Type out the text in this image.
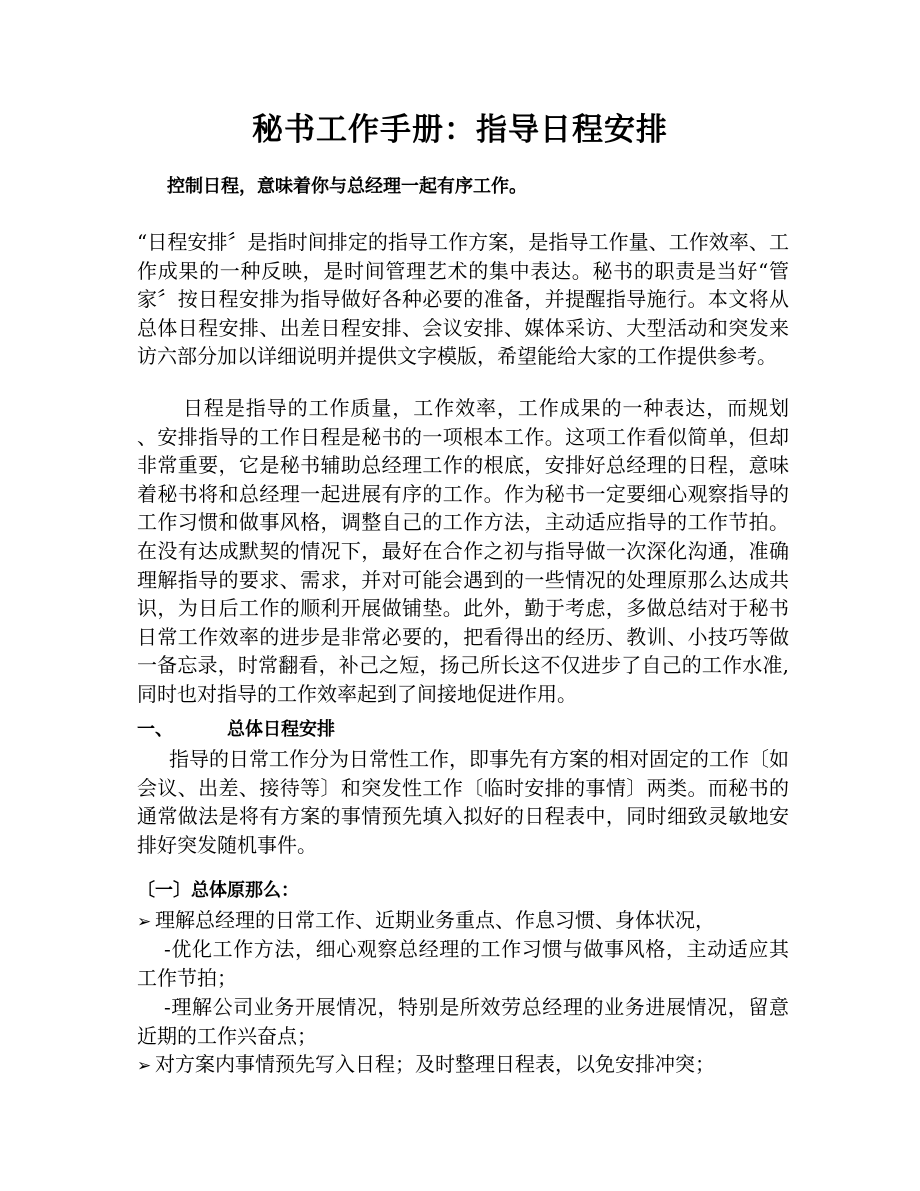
秘书工作手册：指导日程安排
控制日程，意味着你与总经理一起有序工作。

“日程安排〞是指时间排定的指导工作方案，是指导工作量、工作效率、工作成果的一种反映，是时间管理艺术的集中表达。秘书的职责是当好“管家〞按日程安排为指导做好各种必要的准备，并提醒指导施行。本文将从总体日程安排、出差日程安排、会议安排、媒体采访、大型活动和突发来访六部分加以详细说明并提供文字模版，希望能给大家的工作提供参考。

日程是指导的工作质量，工作效率，工作成果的一种表达，而规划 、安排指导的工作日程是秘书的一项根本工作。这项工作看似简单，但却非常重要，它是秘书辅助总经理工作的根底，安排好总经理的日程，意味着秘书将和总经理一起进展有序的工作。作为秘书一定要细心观察指导的工作习惯和做事风格，调整自己的工作方法，主动适应指导的工作节拍。在没有达成默契的情况下，最好在合作之初与指导做一次深化沟通，准确理解指导的要求、需求，并对可能会遇到的一些情况的处理原那么达成共识，为日后工作的顺利开展做铺垫。此外，勤于考虑，多做总结对于秘书日常工作效率的进步是非常必要的，把看得出的经历、教训、小技巧等做一备忘录，时常翻看，补己之短，扬己所长这不仅进步了自己的工作水准,同时也对指导的工作效率起到了间接地促进作用。

一、	总体日程安排

指导的日常工作分为日常性工作，即事先有方案的相对固定的工作〔如会议、出差、接待等〕和突发性工作〔临时安排的事情〕两类。而秘书的通常做法是将有方案的事情预先填入拟好的日程表中，同时细致灵敏地安排好突发随机事件。

〔一〕总体原那么：
➢ 理解总经理的日常工作、近期业务重点、作息习惯、身体状况，
-优化工作方法，细心观察总经理的工作习惯与做事风格，主动适应其工作节拍；
-理解公司业务开展情况，特别是所效劳总经理的业务进展情况，留意近期的工作兴奋点；
➢ 对方案内事情预先写入日程；及时整理日程表，以免安排冲突；
